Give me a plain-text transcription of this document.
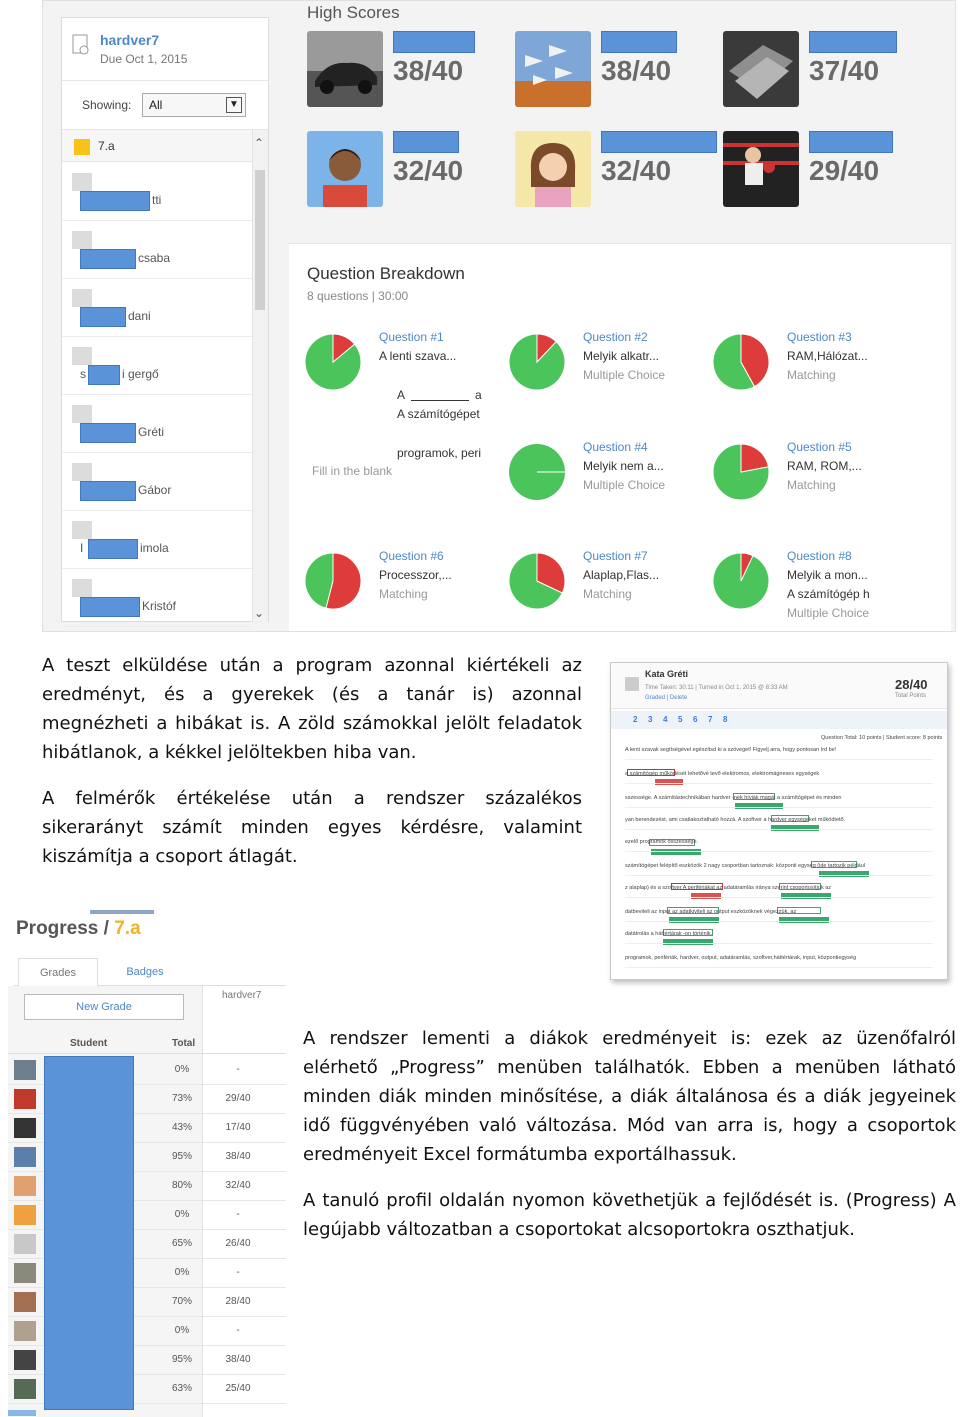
hardver7
Due Oct 1, 2015
Showing:	All	▼
7.a
tti
csaba
dani
s	i gergő
Gréti
Gábor
I	imola
Kristóf
⌃
⌄
High Scores
38/40	38/40	37/40
32/40	32/40	29/40
Question Breakdown
8 questions | 30:00
Question #1
A lenti szava...
Question #2
Melyik alkatr...
Multiple Choice
Question #3
RAM,Hálózat...
Matching
Question #4
Melyik nem a...
Multiple Choice
Question #5
RAM, ROM,...
Matching
Question #6
Processzor,...
Matching
Question #7
Alaplap,Flas...
Matching
Question #8
Melyik a mon...
A számítógép h
Multiple Choice
A	a
A számítógépet
programok, peri
Fill in the blank
A teszt elküldése után a program azonnal kiértékeli az eredményt, és a gyerekek (és a tanár is) azonnal megnézheti a hibákat is. A zöld számokkal jelölt feladatok hibátlanok, a kékkel jelöltekben hiba van.
A felmérők értékelése után a rendszer százalékos sikerarányt számít minden egyes kérdésre, valamint kiszámítja a csoport átlagát.
A rendszer lementi a diákok eredményeit is: ezek az üzenőfalról elérhető „Progress” menüben találhatók. Ebben a menüben látható minden diák minden minősítése, a diák általánosa és a diák jegyeinek idő függvényében való változása. Mód van arra is, hogy a csoportok eredményeit Excel formátumba exportálhassuk.
A tanuló profil oldalán nyomon követhetjük a fejlődését is. (Progress) A legújabb változatban a csoportokat alcsoportokra oszthatjuk.
Kata Gréti
Time Taken: 30:11 | Turned in Oct 1, 2015 @ 8:33 AM
Graded | Delete
28/40
Total Points
2 3 4 5 6 7 8
Question Total: 10 points | Student score: 8 points
A lenti szavak segítségével egészítsd ki a szöveget! Figyelj arra, hogy pontosan írd be!
a számítógép működését lehetővé tevő elektromos, elektromágneses egységek
sszessége. A számítástechnikában hardver -nek hívják magát a számítógépet és minden
yan berendezést, ami csatlakoztatható hozzá. A szoftver a hardver egységeket működtető.
ezelő programok összessége.
számítógépet felépítő eszközök 2 nagy csoportban tartoznak: központi egység (ide tartozik például
z alaplap) és a szoftver A perifériákat az adatáramlás iránya szerint csoportosítjuk az
datbeviteli az input az adatkiviteli az output eszközöknek végezzük, az
datátrolás a háttértárak -on történik.
programok, perifériák, hardver, output, adatáramlás, szoftver,háttértárak, input, központiegység
Progress / 7.a
Grades	Badges
New Grade
hardver7
Student	Total
0%	-
73%	29/40
43%	17/40
95%	38/40
80%	32/40
0%	-
65%	26/40
0%	-
70%	28/40
0%	-
95%	38/40
63%	25/40
